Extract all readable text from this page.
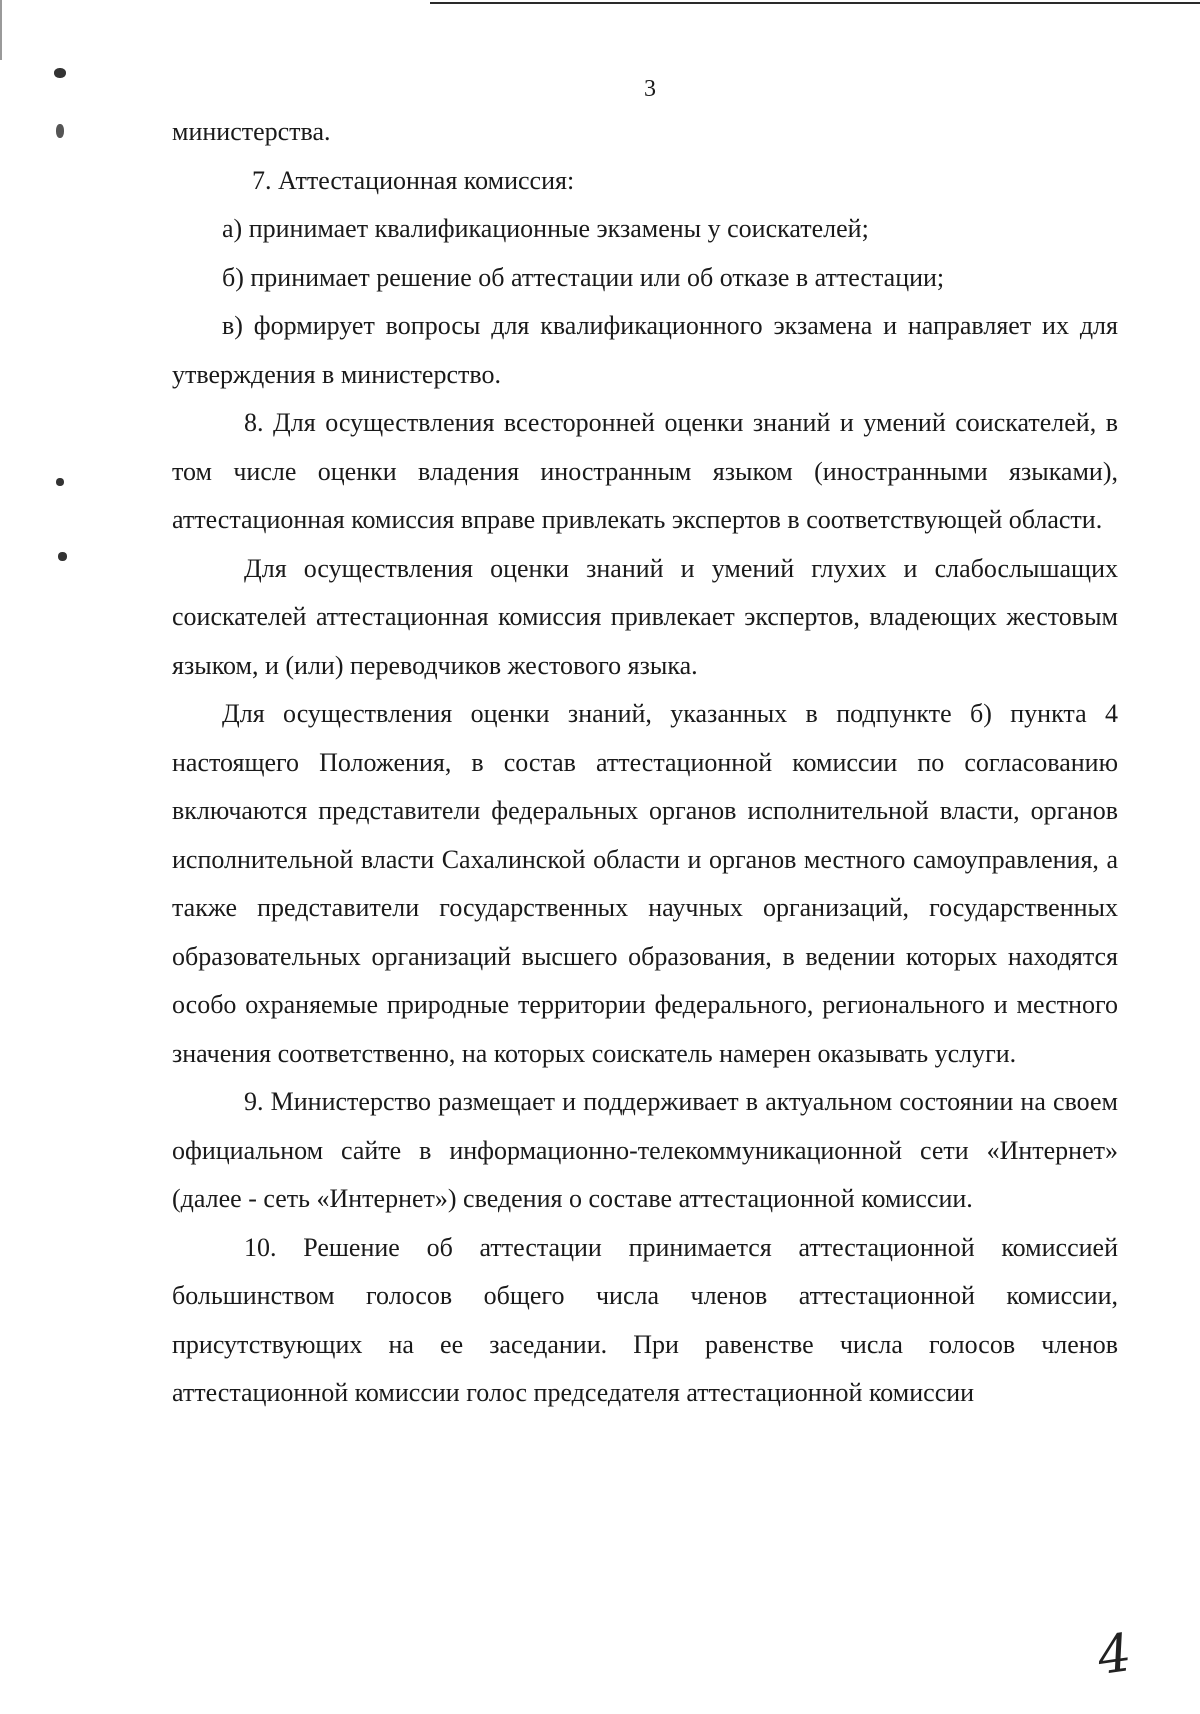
3

министерства.

7. Аттестационная комиссия:

а) принимает квалификационные экзамены у соискателей;

б) принимает решение об аттестации или об отказе в аттестации;

в) формирует вопросы для квалификационного экзамена и направляет их для утверждения в министерство.

8. Для осуществления всесторонней оценки знаний и умений соискателей, в том числе оценки владения иностранным языком (иностранными языками), аттестационная комиссия вправе привлекать экспертов в соответствующей области.

Для осуществления оценки знаний и умений глухих и слабослышащих соискателей аттестационная комиссия привлекает экспертов, владеющих жестовым языком, и (или) переводчиков жестового языка.

Для осуществления оценки знаний, указанных в подпункте б) пункта 4 настоящего Положения, в состав аттестационной комиссии по согласованию включаются представители федеральных органов исполнительной власти, органов исполнительной власти Сахалинской области и органов местного самоуправления, а также представители государственных научных организаций, государственных образовательных организаций высшего образования, в ведении которых находятся особо охраняемые природные территории федерального, регионального и местного значения соответственно, на которых соискатель намерен оказывать услуги.

9. Министерство размещает и поддерживает в актуальном состоянии на своем официальном сайте в информационно-телекоммуникационной сети «Интернет» (далее - сеть «Интернет») сведения о составе аттестационной комиссии.

10. Решение об аттестации принимается аттестационной комиссией большинством голосов общего числа членов аттестационной комиссии, присутствующих на ее заседании. При равенстве числа голосов членов аттестационной комиссии голос председателя аттестационной комиссии

4
